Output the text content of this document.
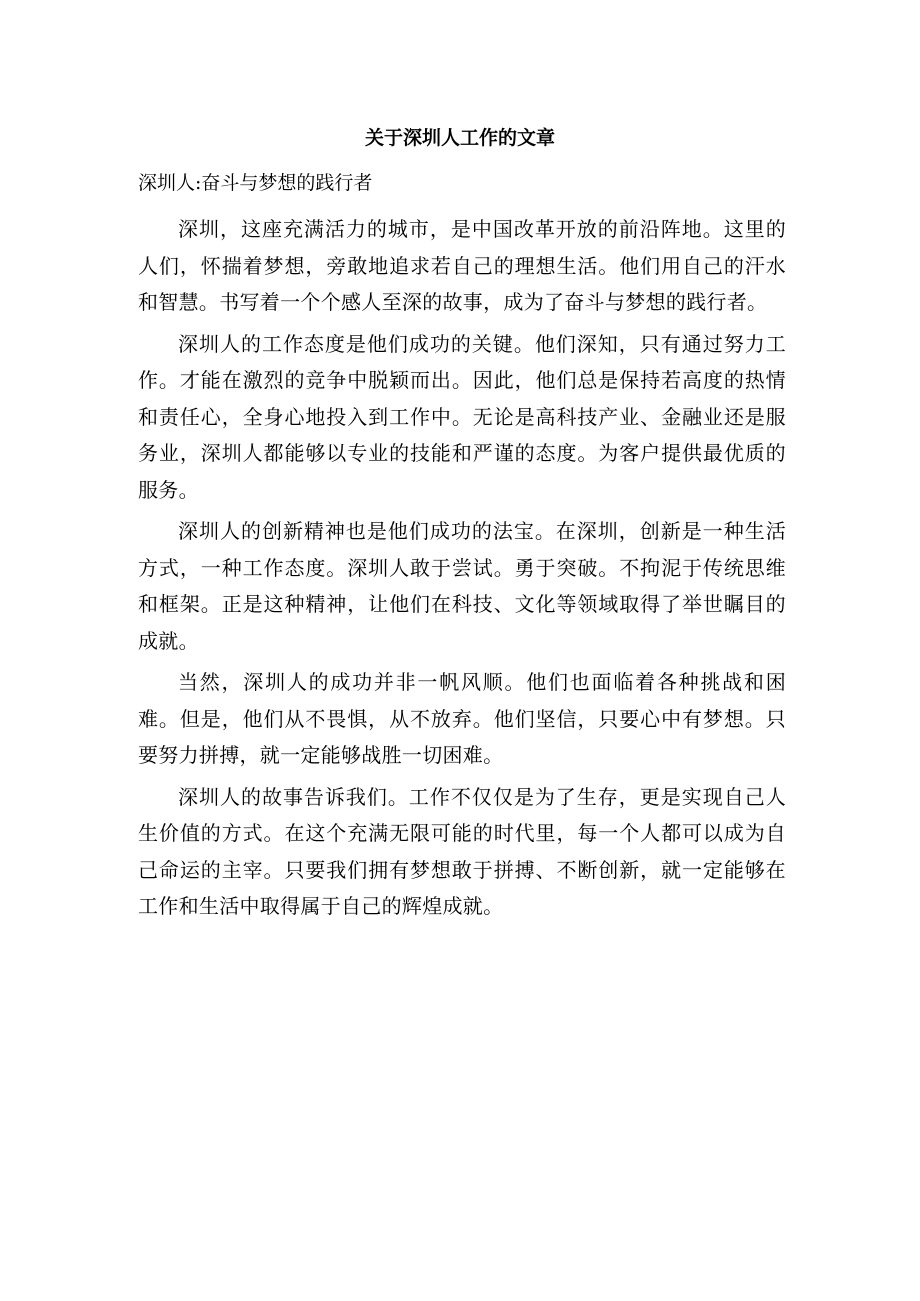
关于深圳人工作的文章

深圳人:奋斗与梦想的践行者

深圳，这座充满活力的城市，是中国改革开放的前沿阵地。这里的人们，怀揣着梦想，旁敢地追求若自己的理想生活。他们用自己的汗水和智慧。书写着一个个感人至深的故事，成为了奋斗与梦想的践行者。

深圳人的工作态度是他们成功的关键。他们深知，只有通过努力工作。才能在激烈的竞争中脱颖而出。因此，他们总是保持若高度的热情和责任心，全身心地投入到工作中。无论是高科技产业、金融业还是服务业，深圳人都能够以专业的技能和严谨的态度。为客户提供最优质的服务。

深圳人的创新精神也是他们成功的法宝。在深圳，创新是一种生活方式，一种工作态度。深圳人敢于尝试。勇于突破。不拘泥于传统思维和框架。正是这种精神，让他们在科技、文化等领域取得了举世瞩目的成就。

当然，深圳人的成功并非一帆风顺。他们也面临着各种挑战和困难。但是，他们从不畏惧，从不放弃。他们坚信，只要心中有梦想。只要努力拼搏，就一定能够战胜一切困难。

深圳人的故事告诉我们。工作不仅仅是为了生存，更是实现自己人生价值的方式。在这个充满无限可能的时代里，每一个人都可以成为自己命运的主宰。只要我们拥有梦想敢于拼搏、不断创新，就一定能够在工作和生活中取得属于自己的辉煌成就。
